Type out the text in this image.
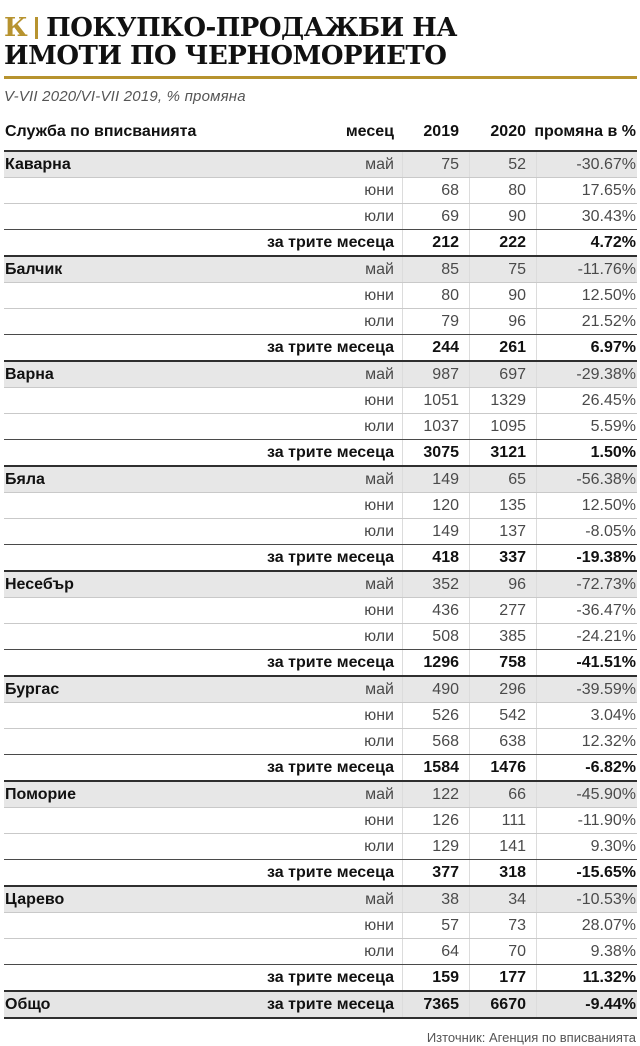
К ПОКУПКО-ПРОДАЖБИ НА
ИМОТИ ПО ЧЕРНОМОРИЕТО
V-VII 2020/VI-VII 2019, % промяна
Служба по вписванията	месец	2019	2020 промяна в %
Каварна	май	75	52	-30.67%
юни	68	80	17.65%
юли	69	90	30.43%
за трите месеца	212	222	4.72%
Балчик	май	85	75	-11.76%
юни	80	90	12.50%
юли	79	96	21.52%
за трите месеца	244	261	6.97%
Варна	май	987	697	-29.38%
юни	1051	1329	26.45%
юли	1037	1095	5.59%
за трите месеца	3075	3121	1.50%
Бяла	май	149	65	-56.38%
юни	120	135	12.50%
юли	149	137	-8.05%
за трите месеца	418	337	-19.38%
Несебър	май	352	96	-72.73%
юни	436	277	-36.47%
юли	508	385	-24.21%
за трите месеца	1296	758	-41.51%
Бургас	май	490	296	-39.59%
юни	526	542	3.04%
юли	568	638	12.32%
за трите месеца	1584	1476	-6.82%
Поморие	май	122	66	-45.90%
юни	126	111	-11.90%
юли	129	141	9.30%
за трите месеца	377	318	-15.65%
Царево	май	38	34	-10.53%
юни	57	73	28.07%
юли	64	70	9.38%
за трите месеца	159	177	11.32%
Общо	за трите месеца	7365	6670	-9.44%
Източник: Агенция по вписванията
